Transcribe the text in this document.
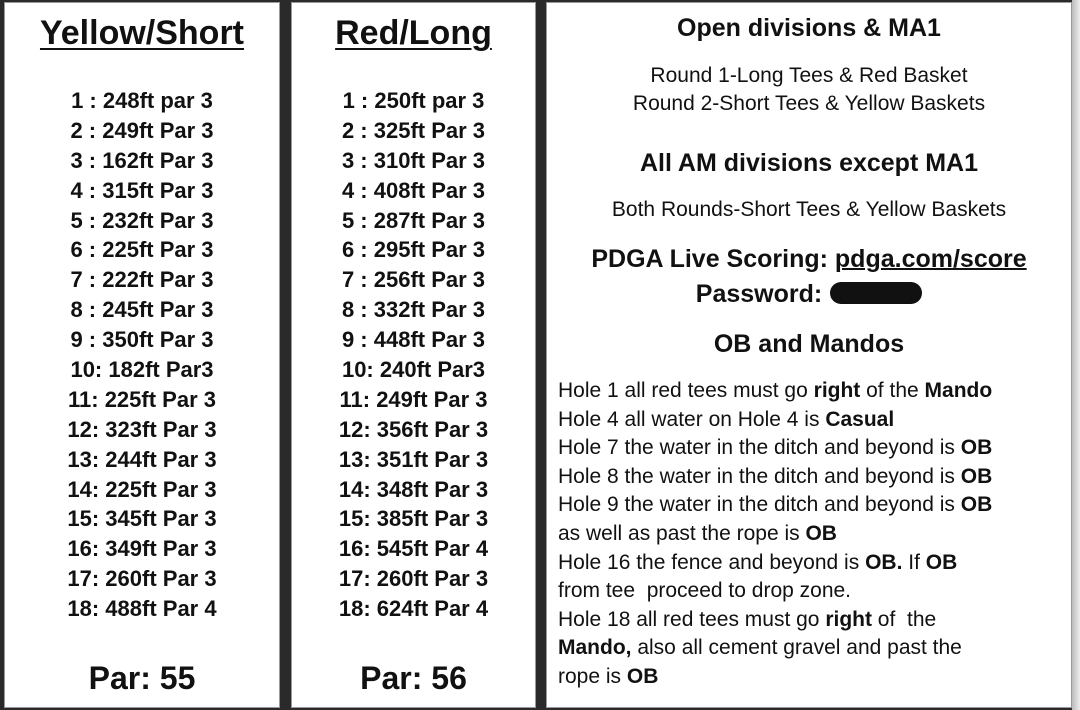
Yellow/Short
1 : 248ft par 3
2 : 249ft Par 3
3 : 162ft Par 3
4 : 315ft Par 3
5 : 232ft Par 3
6 : 225ft Par 3
7 : 222ft Par 3
8 : 245ft Par 3
9 : 350ft Par 3
10: 182ft Par3
11: 225ft Par 3
12: 323ft Par 3
13: 244ft Par 3
14: 225ft Par 3
15: 345ft Par 3
16: 349ft Par 3
17: 260ft Par 3
18: 488ft Par 4
Par: 55
Red/Long
1 : 250ft par 3
2 : 325ft Par 3
3 : 310ft Par 3
4 : 408ft Par 3
5 : 287ft Par 3
6 : 295ft Par 3
7 : 256ft Par 3
8 : 332ft Par 3
9 : 448ft Par 3
10: 240ft Par3
11: 249ft Par 3
12: 356ft Par 3
13: 351ft Par 3
14: 348ft Par 3
15: 385ft Par 3
16: 545ft Par 4
17: 260ft Par 3
18: 624ft Par 4
Par: 56
Open divisions & MA1
Round 1-Long Tees & Red Basket
Round 2-Short Tees & Yellow Baskets
All AM divisions except MA1
Both Rounds-Short Tees & Yellow Baskets
PDGA Live Scoring: pdga.com/score
Password:
OB and Mandos
Hole 1 all red tees must go right of the Mando
Hole 4 all water on Hole 4 is Casual
Hole 7 the water in the ditch and beyond is OB
Hole 8 the water in the ditch and beyond is OB
Hole 9 the water in the ditch and beyond is OB
as well as past the rope is OB
Hole 16 the fence and beyond is OB. If OB
from tee  proceed to drop zone.
Hole 18 all red tees must go right of  the
Mando, also all cement gravel and past the
rope is OB
